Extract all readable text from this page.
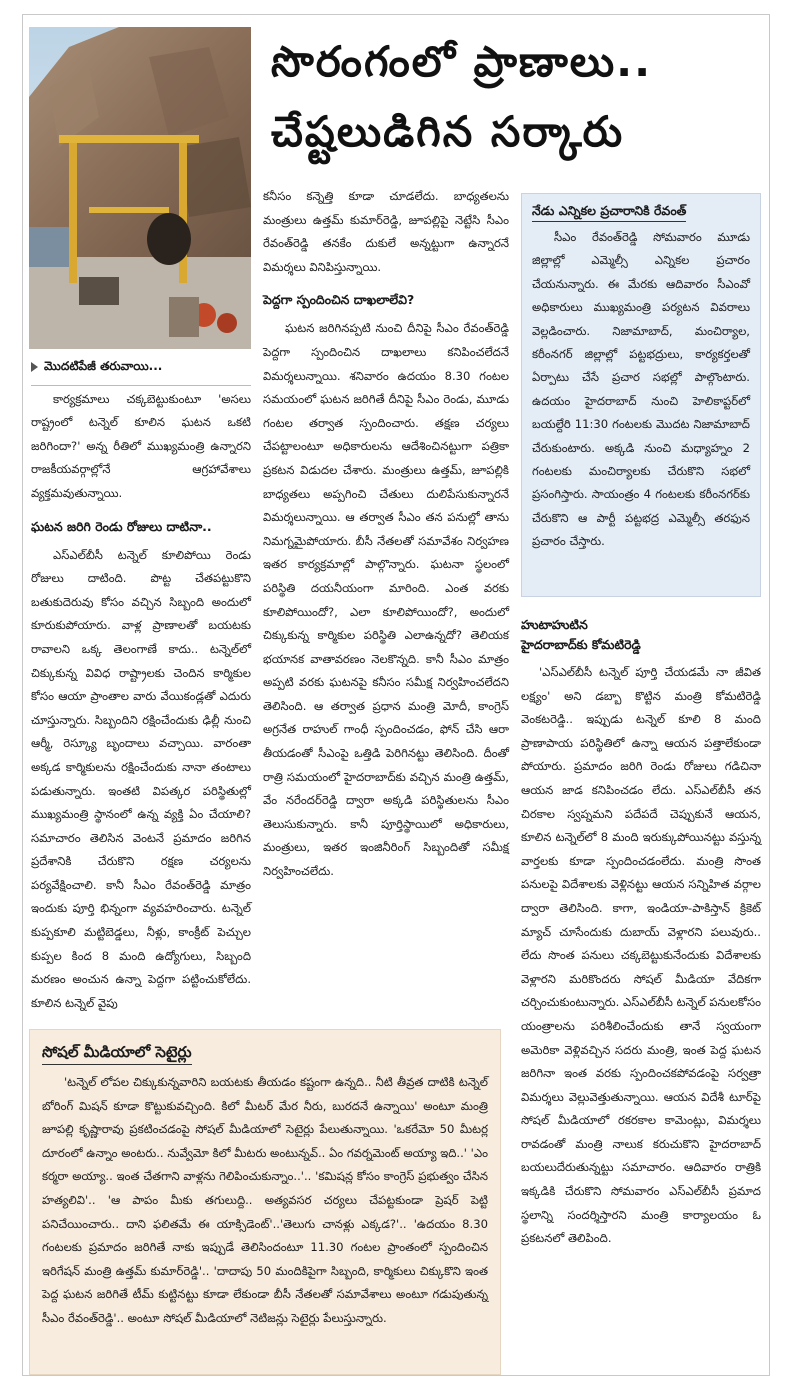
సొరంగంలో ప్రాణాలు..
చేష్టలుడిగిన సర్కారు
మొదటిపేజీ తరువాయి...

కార్యక్రమాలు చక్కబెట్టుకుంటూ 'అసలు రాష్ట్రంలో టన్నెల్ కూలిన ఘటన ఒకటి జరిగిందా?' అన్న రీతిలో ముఖ్యమంత్రి ఉన్నారని రాజకీయవర్గాల్లోనే ఆగ్రహావేశాలు వ్యక్తమవుతున్నాయి.

ఘటన జరిగి రెండు రోజులు దాటినా..

ఎస్ఎల్‌బీసీ టన్నెల్ కూలిపోయి రెండు రోజులు దాటింది. పొట్ట చేతపట్టుకొని బతుకుదెరువు కోసం వచ్చిన సిబ్బంది అందులో కూరుకుపోయారు. వాళ్ల ప్రాణాలతో బయటకు రావాలని ఒక్క తెలంగాణే కాదు.. టన్నెల్‌లో చిక్కుకున్న వివిధ రాష్ట్రాలకు చెందిన కార్మికుల కోసం ఆయా ప్రాంతాల వారు వేయికండ్లతో ఎదురు చూస్తున్నారు. సిబ్బందిని రక్షించేందుకు ఢిల్లీ నుంచి ఆర్మీ, రెస్క్యూ బృందాలు వచ్చాయి. వారంతా అక్కడ కార్మికులను రక్షించేందుకు నానా తంటాలు పడుతున్నారు. ఇంతటి విపత్కర పరిస్థితుల్లో ముఖ్యమంత్రి స్థానంలో ఉన్న వ్యక్తి ఏం చేయాలి? సమాచారం తెలిసిన వెంటనే ప్రమాదం జరిగిన ప్రదేశానికి చేరుకొని రక్షణ చర్యలను పర్యవేక్షించాలి. కానీ సీఎం రేవంత్‌రెడ్డి మాత్రం ఇందుకు పూర్తి భిన్నంగా వ్యవహరించారు. టన్నెల్ కుప్పకూలి మట్టిబెడ్డలు, నీళ్లు, కాంక్రీట్ పెచ్చుల కుప్పల కింద 8 మంది ఉద్యోగులు, సిబ్బంది మరణం అంచున ఉన్నా పెద్దగా పట్టించుకోలేదు. కూలిన టన్నెల్ వైపు

కనీసం కన్నెత్తి కూడా చూడలేదు. బాధ్యతలను మంత్రులు ఉత్తమ్ కుమార్‌రెడ్డి, జూపల్లిపై నెట్టేసి సీఎం రేవంత్‌రెడ్డి తనకేం దుకులే అన్నట్టుగా ఉన్నారనే విమర్శలు వినిపిస్తున్నాయి.

పెద్దగా స్పందించిన దాఖలాలేవి?

ఘటన జరిగినప్పటి నుంచి దీనిపై సీఎం రేవంత్‌రెడ్డి పెద్దగా స్పందించిన దాఖలాలు కనిపించలేదనే విమర్శలున్నాయి. శనివారం ఉదయం 8.30 గంటల సమయంలో ఘటన జరిగితే దీనిపై సీఎం రెండు, మూడు గంటల తర్వాత స్పందించారు. తక్షణ చర్యలు చేపట్టాలంటూ అధికారులను ఆదేశించినట్టుగా పత్రికా ప్రకటన విడుదల చేశారు. మంత్రులు ఉత్తమ్, జూపల్లికి బాధ్యతలు అప్పగించి చేతులు దులిపేసుకున్నారనే విమర్శలున్నాయి. ఆ తర్వాత సీఎం తన పనుల్లో తాను నిమగ్నమైపోయారు. బీసీ నేతలతో సమావేశం నిర్వహణ ఇతర కార్యక్రమాల్లో పాల్గొన్నారు. ఘటనా స్థలంలో పరిస్థితి దయనీయంగా మారింది. ఎంత వరకు కూలిపోయిందో?, ఎలా కూలిపోయిందో?, అందులో చిక్కుకున్న కార్మికుల పరిస్థితి ఎలాఉన్నదో? తెలియక భయానక వాతావరణం నెలకొన్నది. కానీ సీఎం మాత్రం అప్పటి వరకు ఘటనపై కనీసం సమీక్ష నిర్వహించలేదని తెలిసింది. ఆ తర్వాత ప్రధాన మంత్రి మోదీ, కాంగ్రెస్ అగ్రనేత రాహుల్ గాంధీ స్పందించడం, ఫోన్ చేసి ఆరా తీయడంతో సీఎంపై ఒత్తిడి పెరిగినట్టు తెలిసింది. దీంతో రాత్రి సమయంలో హైదరాబాద్‌కు వచ్చిన మంత్రి ఉత్తమ్, వేం నరేందర్‌రెడ్డి ద్వారా అక్కడి పరిస్థితులను సీఎం తెలుసుకున్నారు. కానీ పూర్తిస్థాయిలో అధికారులు, మంత్రులు, ఇతర ఇంజినీరింగ్ సిబ్బందితో సమీక్ష నిర్వహించలేదు.

నేడు ఎన్నికల ప్రచారానికి రేవంత్

సీఎం రేవంత్‌రెడ్డి సోమవారం మూడు జిల్లాల్లో ఎమ్మెల్సీ ఎన్నికల ప్రచారం చేయనున్నారు. ఈ మేరకు ఆదివారం సీఎంవో అధికారులు ముఖ్యమంత్రి పర్యటన వివరాలు వెల్లడించారు. నిజామాబాద్, మంచిర్యాల, కరీంనగర్ జిల్లాల్లో పట్టభద్రులు, కార్యకర్తలతో ఏర్పాటు చేసే ప్రచార సభల్లో పాల్గొంటారు. ఉదయం హైదరాబాద్ నుంచి హెలికాప్టర్‌లో బయల్దేరి 11:30 గంటలకు మొదట నిజామాబాద్ చేరుకుంటారు. అక్కడి నుంచి మధ్యాహ్నం 2 గంటలకు మంచిర్యాలకు చేరుకొని సభలో ప్రసంగిస్తారు. సాయంత్రం 4 గంటలకు కరీంనగర్‌కు చేరుకొని ఆ పార్టీ పట్టభద్ర ఎమ్మెల్సీ తరఫున ప్రచారం చేస్తారు.

హుటాహుటిన
హైదరాబాద్‌కు కోమటిరెడ్డి

'ఎస్ఎల్‌బీసీ టన్నెల్ పూర్తి చేయడమే నా జీవిత లక్ష్యం' అని డబ్బా కొట్టిన మంత్రి కోమటిరెడ్డి వెంకటరెడ్డి.. ఇప్పుడు టన్నెల్ కూలి 8 మంది ప్రాణాపాయ పరిస్థితిలో ఉన్నా ఆయన పత్తాలేకుండా పోయారు. ప్రమాదం జరిగి రెండు రోజులు గడిచినా ఆయన జాడ కనిపించడం లేదు. ఎస్ఎల్‌బీసీ తన చిరకాల స్వప్నమని పదేపదే చెప్పుకునే ఆయన, కూలిన టన్నెల్‌లో 8 మంది ఇరుక్కుపోయినట్టు వస్తున్న వార్తలకు కూడా స్పందించడంలేదు. మంత్రి సొంత పనులపై విదేశాలకు వెళ్లినట్టు ఆయన సన్నిహిత వర్గాల ద్వారా తెలిసింది. కాగా, ఇండియా-పాకిస్తాన్ క్రికెట్ మ్యాచ్ చూసేందుకు దుబాయ్ వెళ్లారని పలువురు.. లేదు సొంత పనులు చక్కబెట్టుకునేందుకు విదేశాలకు వెళ్లారని మరికొందరు సోషల్ మీడియా వేదికగా చర్చించుకుంటున్నారు. ఎస్ఎల్‌బీసీ టన్నెల్ పనులకోసం యంత్రాలను పరిశీలించేందుకు తానే స్వయంగా అమెరికా వెళ్లివచ్చిన సదరు మంత్రి, ఇంత పెద్ద ఘటన జరిగినా ఇంత వరకు స్పందించకపోవడంపై సర్వత్రా విమర్శలు వెల్లువెత్తుతున్నాయి. ఆయన విదేశీ టూర్‌పై సోషల్ మీడియాలో రకరకాల కామెంట్లు, విమర్శలు రావడంతో మంత్రి నాలుక కరుచుకొని హైదరాబాద్ బయలుదేరుతున్నట్టు సమాచారం. ఆదివారం రాత్రికి ఇక్కడికి చేరుకొని సోమవారం ఎస్ఎల్‌బీసీ ప్రమాద స్థలాన్ని సందర్శిస్తారని మంత్రి కార్యాలయం ఓ ప్రకటనలో తెలిపింది.

సోషల్ మీడియాలో సెటైర్లు

'టన్నెల్ లోపల చిక్కుకున్నవారిని బయటకు తీయడం కష్టంగా ఉన్నది.. నీటి తీవ్రత దాటికి టన్నెల్ బోరింగ్ మిషన్ కూడా కొట్టుకువచ్చింది. కిలో మీటర్ మేర నీరు, బురదనే ఉన్నాయి' అంటూ మంత్రి జూపల్లి కృష్ణారావు ప్రకటించడంపై సోషల్ మీడియాలో సెటైర్లు పేలుతున్నాయి. 'ఒకరేమో 50 మీటర్ల దూరంలో ఉన్నాం అంటరు.. నువ్వేమో కిలో మీటరు అంటున్నవ్.. ఏం గవర్నమెంట్ అయ్యా ఇది..' 'ఎం కర్మరా అయ్యా.. ఇంత చేతగాని వాళ్లను గెలిపించుకున్నాం..'.. 'కమిషన్ల కోసం కాంగ్రెస్ ప్రభుత్వం చేసిన హత్యలివి'.. 'ఆ పాపం మీకు తగులుద్ది.. అత్యవసర చర్యలు చేపట్టకుండా ప్రెషర్ పెట్టి పనిచేయించారు.. దాని ఫలితమే ఈ యాక్సిడెంట్'..'తెలుగు చానళ్లు ఎక్కడ?'.. 'ఉదయం 8.30 గంటలకు ప్రమాదం జరిగితే నాకు ఇప్పుడే తెలిసిందంటూ 11.30 గంటల ప్రాంతంలో స్పందించిన ఇరిగేషన్ మంత్రి ఉత్తమ్ కుమార్‌రెడ్డి'.. 'దాదాపు 50 మందికిపైగా సిబ్బంది, కార్మికులు చిక్కుకొని ఇంత పెద్ద ఘటన జరిగితే టీమ్ కుట్టినట్టు కూడా లేకుండా బీసీ నేతలతో సమావేశాలు అంటూ గడుపుతున్న సీఎం రేవంత్‌రెడ్డి'.. అంటూ సోషల్ మీడియాలో నెటిజన్లు సెటైర్లు పేలుస్తున్నారు.
